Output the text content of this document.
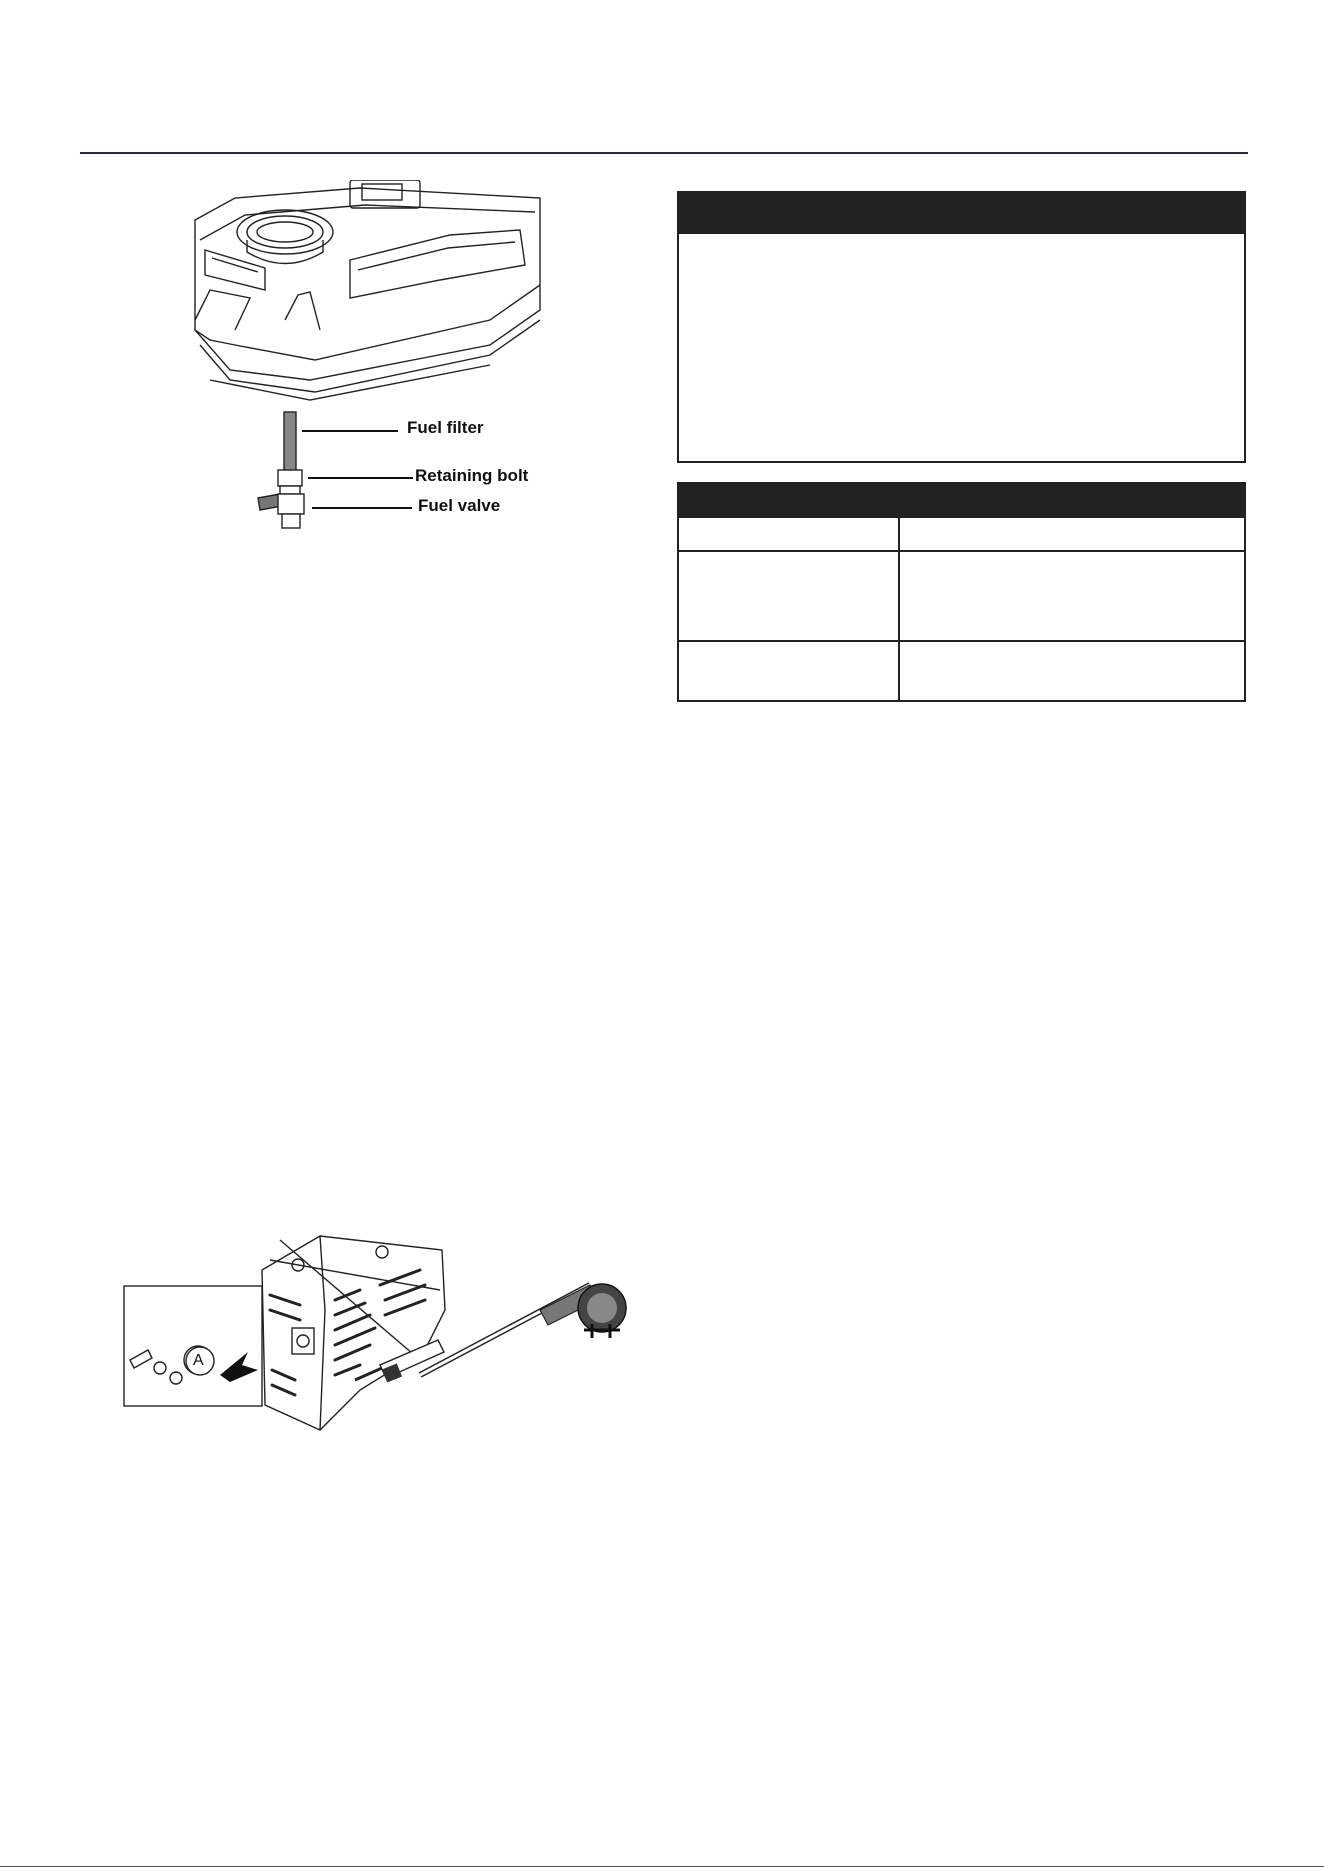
Fuel filter
Retaining bolt
Fuel valve

A
